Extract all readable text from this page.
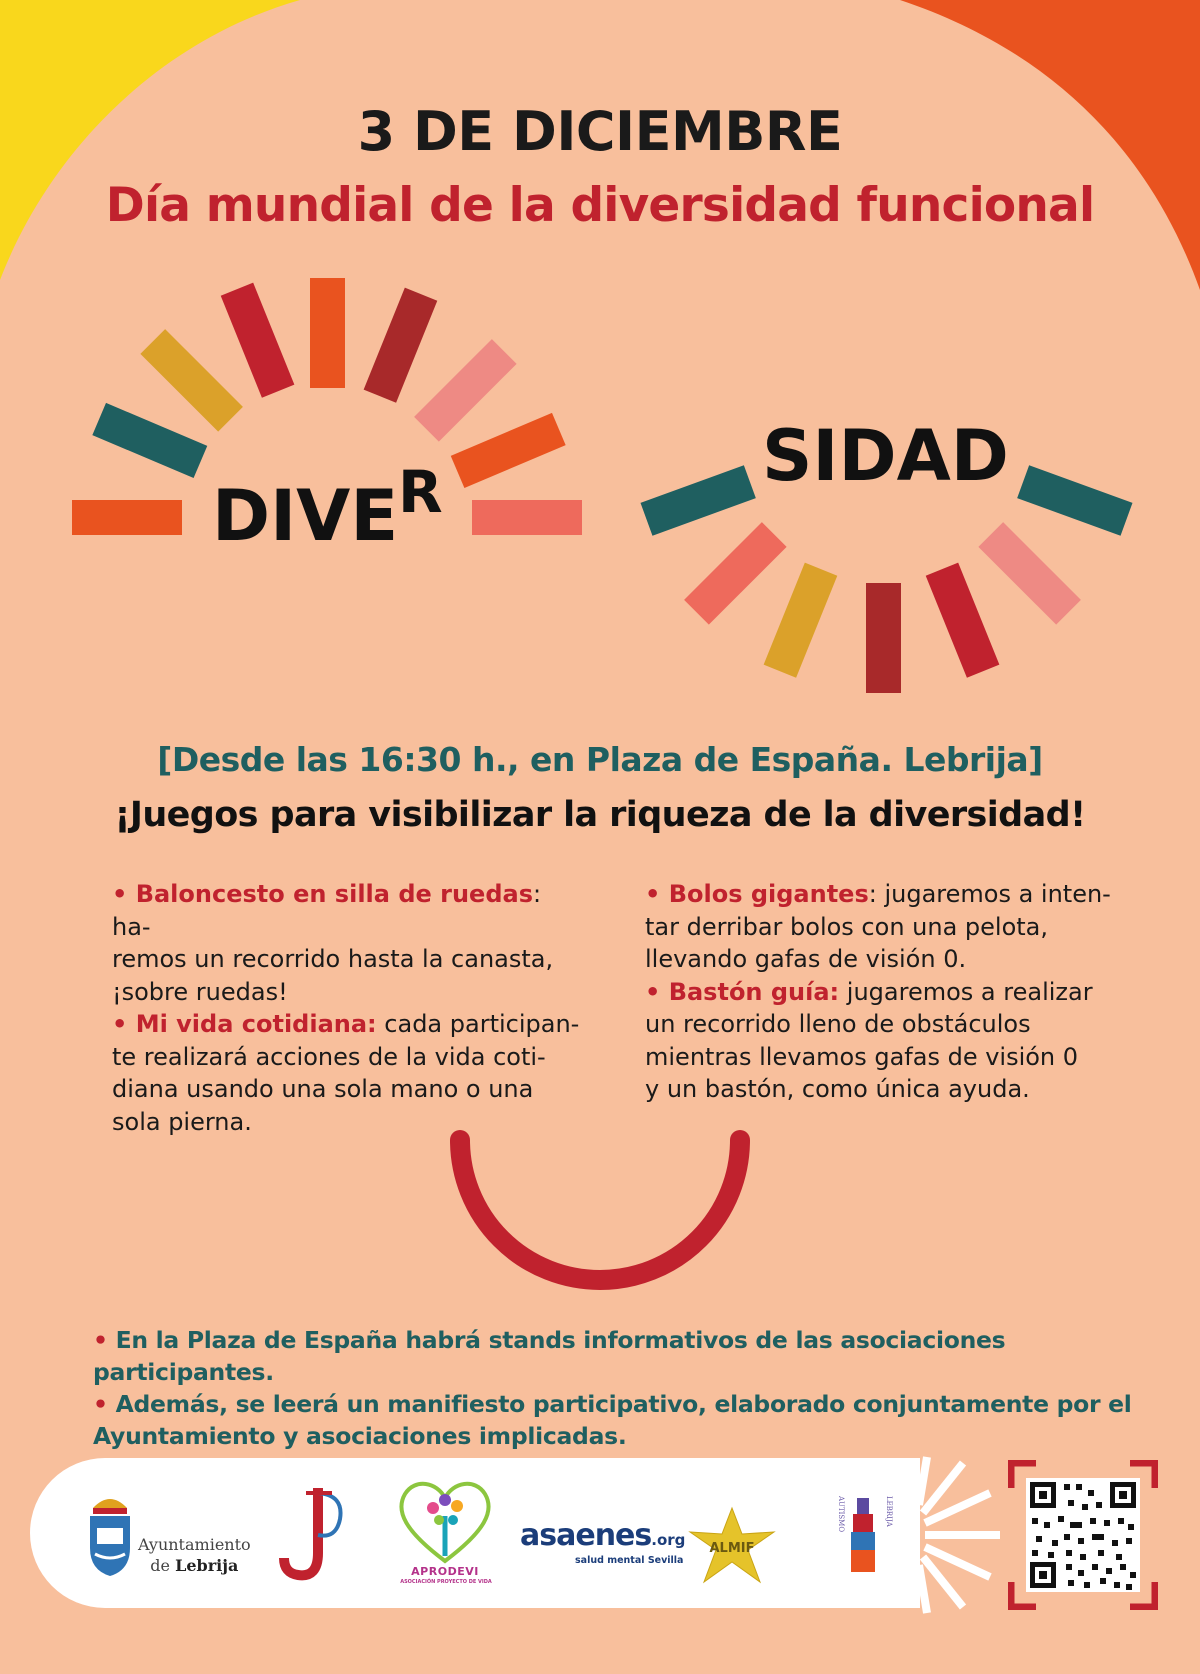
3 DE DICIEMBRE
Día mundial de la diversidad funcional
DIVE R	SIDAD

[Desde las 16:30 h., en Plaza de España. Lebrija]

¡Juegos para visibilizar la riqueza de la diversidad!

• Baloncesto en silla de ruedas: ha-
remos un recorrido hasta la canasta,
¡sobre ruedas!
• Mi vida cotidiana: cada participan-
te realizará acciones de la vida coti-
diana usando una sola mano o una
sola pierna.
• Bolos gigantes: jugaremos a inten-
tar derribar bolos con una pelota,
llevando gafas de visión 0.
• Bastón guía: jugaremos a realizar
un recorrido lleno de obstáculos
mientras llevamos gafas de visión 0
y un bastón, como única ayuda.

• En la Plaza de España habrá stands informativos de las asociaciones participantes.

• Además, se leerá un manifiesto participativo, elaborado conjuntamente por el

Ayuntamiento y asociaciones implicadas.

Ayuntamiento
de Lebrija	APRODEVI
ASOCIACIÓN PROYECTO DE VIDA
asaenes.org
salud mental Sevilla
ALMIF
AUTISMO	LEBRIJA
